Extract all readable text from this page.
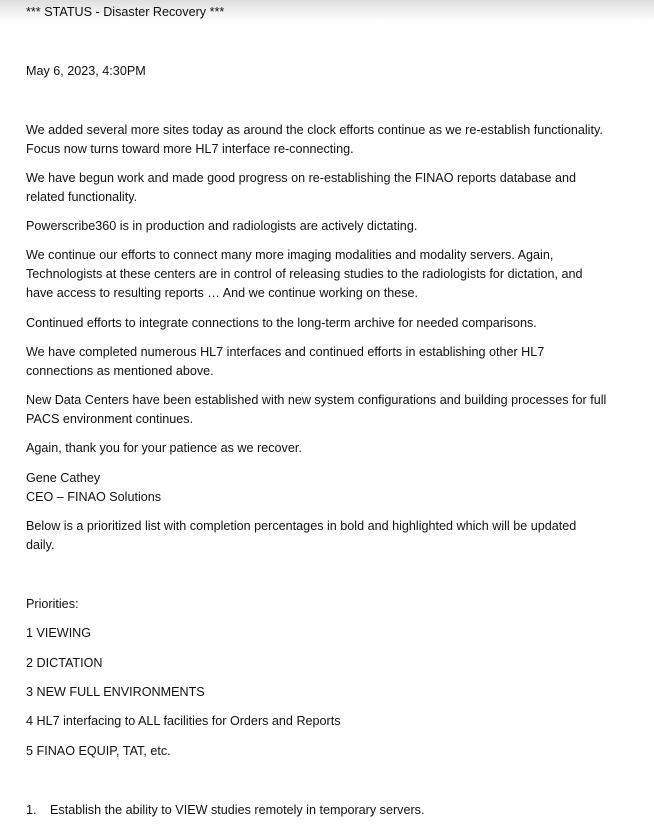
*** STATUS - Disaster Recovery ***

May 6, 2023, 4:30PM

We added several more sites today as around the clock efforts continue as we re-establish functionality.

Focus now turns toward more HL7 interface re-connecting.

We have begun work and made good progress on re-establishing the FINAO reports database and

related functionality.

Powerscribe360 is in production and radiologists are actively dictating.

We continue our efforts to connect many more imaging modalities and modality servers. Again,

Technologists at these centers are in control of releasing studies to the radiologists for dictation, and

have access to resulting reports … And we continue working on these.

Continued efforts to integrate connections to the long-term archive for needed comparisons.

We have completed numerous HL7 interfaces and continued efforts in establishing other HL7

connections as mentioned above.

New Data Centers have been established with new system configurations and building processes for full

PACS environment continues.

Again, thank you for your patience as we recover.

Gene Cathey

CEO – FINAO Solutions

Below is a prioritized list with completion percentages in bold and highlighted which will be updated

daily.

Priorities:

1 VIEWING

2 DICTATION

3 NEW FULL ENVIRONMENTS

4 HL7 interfacing to ALL facilities for Orders and Reports

5 FINAO EQUIP, TAT, etc.

1. Establish the ability to VIEW studies remotely in temporary servers.
